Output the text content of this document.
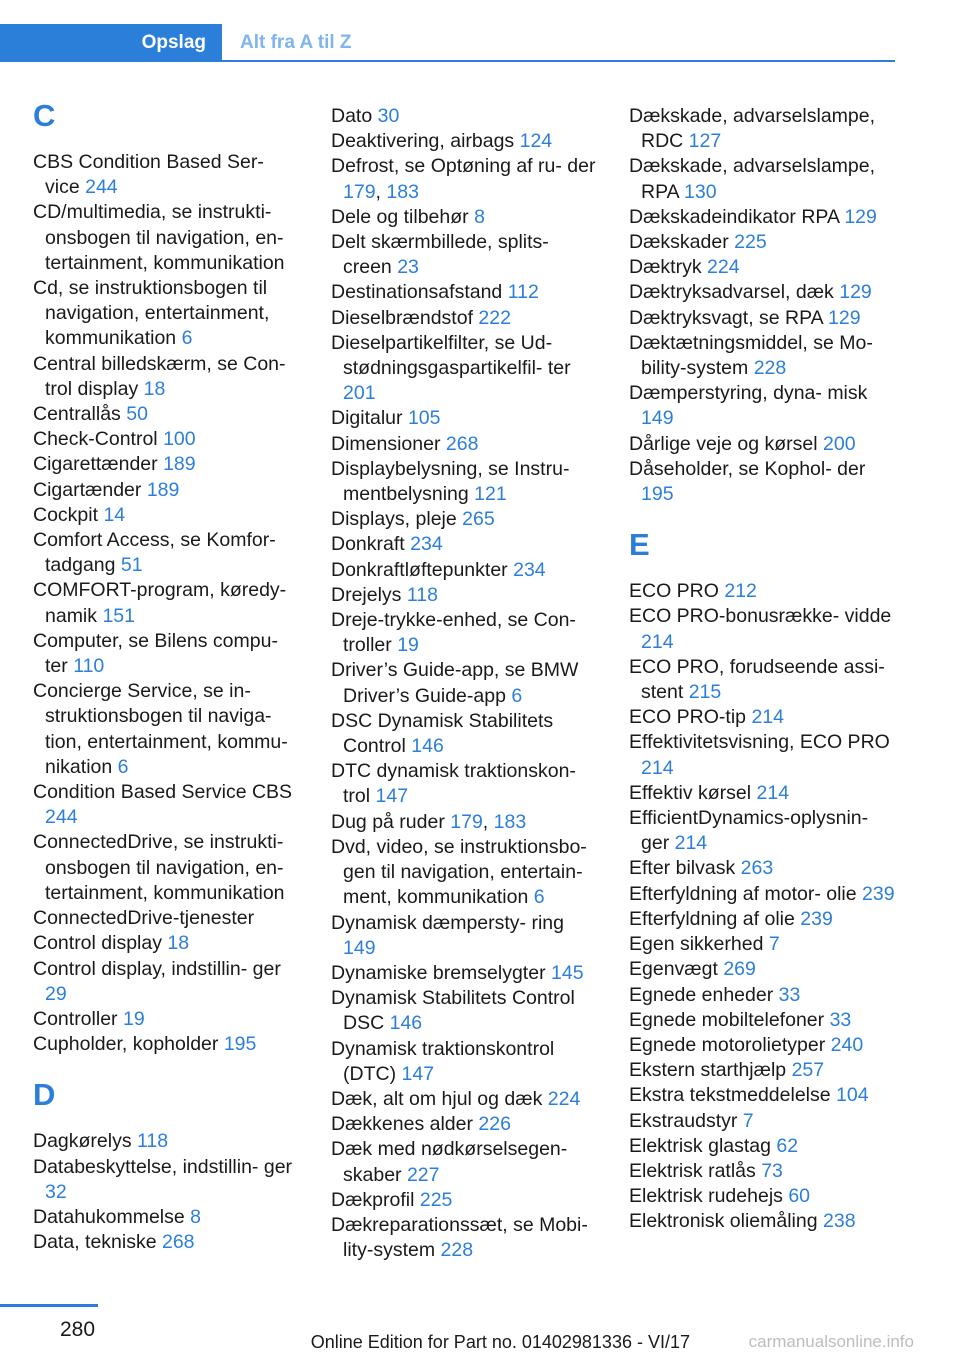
Opslag Alt fra A til Z
C
CBS Condition Based Ser- vice 244
CD/multimedia, se instrukti- onsbogen til navigation, en- tertainment, kommunikation
Cd, se instruktionsbogen til navigation, entertainment, kommunikation 6
Central billedskærm, se Con- trol display 18
Centrallås 50
Check-Control 100
Cigarettænder 189
Cigartænder 189
Cockpit 14
Comfort Access, se Komfor- tadgang 51
COMFORT-program, køredy- namik 151
Computer, se Bilens compu- ter 110
Concierge Service, se in- struktionsbogen til naviga- tion, entertainment, kommu- nikation 6
Condition Based Service CBS 244
ConnectedDrive, se instrukti- onsbogen til navigation, en- tertainment, kommunikation
ConnectedDrive-tjenester
Control display 18
Control display, indstillin- ger 29
Controller 19
Cupholder, kopholder 195
D
Dagkørelys 118
Databeskyttelse, indstillin- ger 32
Datahukommelse 8
Data, tekniske 268
Dato 30
Deaktivering, airbags 124
Defrost, se Optøning af ru- der 179, 183
Dele og tilbehør 8
Delt skærmbillede, splits- creen 23
Destinationsafstand 112
Dieselbrændstof 222
Dieselpartikelfilter, se Ud- stødningsgaspartikelfil- ter 201
Digitalur 105
Dimensioner 268
Displaybelysning, se Instru- mentbelysning 121
Displays, pleje 265
Donkraft 234
Donkraftløftepunkter 234
Drejelys 118
Dreje-trykke-enhed, se Con- troller 19
Driver’s Guide-app, se BMW Driver’s Guide-app 6
DSC Dynamisk Stabilitets Control 146
DTC dynamisk traktionskon- trol 147
Dug på ruder 179, 183
Dvd, video, se instruktionsbo- gen til navigation, entertain- ment, kommunikation 6
Dynamisk dæmpersty- ring 149
Dynamiske bremselygter 145
Dynamisk Stabilitets Control DSC 146
Dynamisk traktionskontrol (DTC) 147
Dæk, alt om hjul og dæk 224
Dækkenes alder 226
Dæk med nødkørselsegen- skaber 227
Dækprofil 225
Dækreparationssæt, se Mobi- lity-system 228
Dækskade, advarselslampe, RDC 127
Dækskade, advarselslampe, RPA 130
Dækskadeindikator RPA 129
Dækskader 225
Dæktryk 224
Dæktryksadvarsel, dæk 129
Dæktryksvagt, se RPA 129
Dæktætningsmiddel, se Mo- bility-system 228
Dæmperstyring, dyna- misk 149
Dårlige veje og kørsel 200
Dåseholder, se Kophol- der 195
E
ECO PRO 212
ECO PRO-bonusrække- vidde 214
ECO PRO, forudseende assi- stent 215
ECO PRO-tip 214
Effektivitetsvisning, ECO PRO 214
Effektiv kørsel 214
EfficientDynamics-oplysnin- ger 214
Efter bilvask 263
Efterfyldning af motor- olie 239
Efterfyldning af olie 239
Egen sikkerhed 7
Egenvægt 269
Egnede enheder 33
Egnede mobiltelefoner 33
Egnede motorolietyper 240
Ekstern starthjælp 257
Ekstra tekstmeddelelse 104
Ekstraudstyr 7
Elektrisk glastag 62
Elektrisk ratlås 73
Elektrisk rudehejs 60
Elektronisk oliemåling 238
280
Online Edition for Part no. 01402981336 - VI/17	carmanualsonline.info
